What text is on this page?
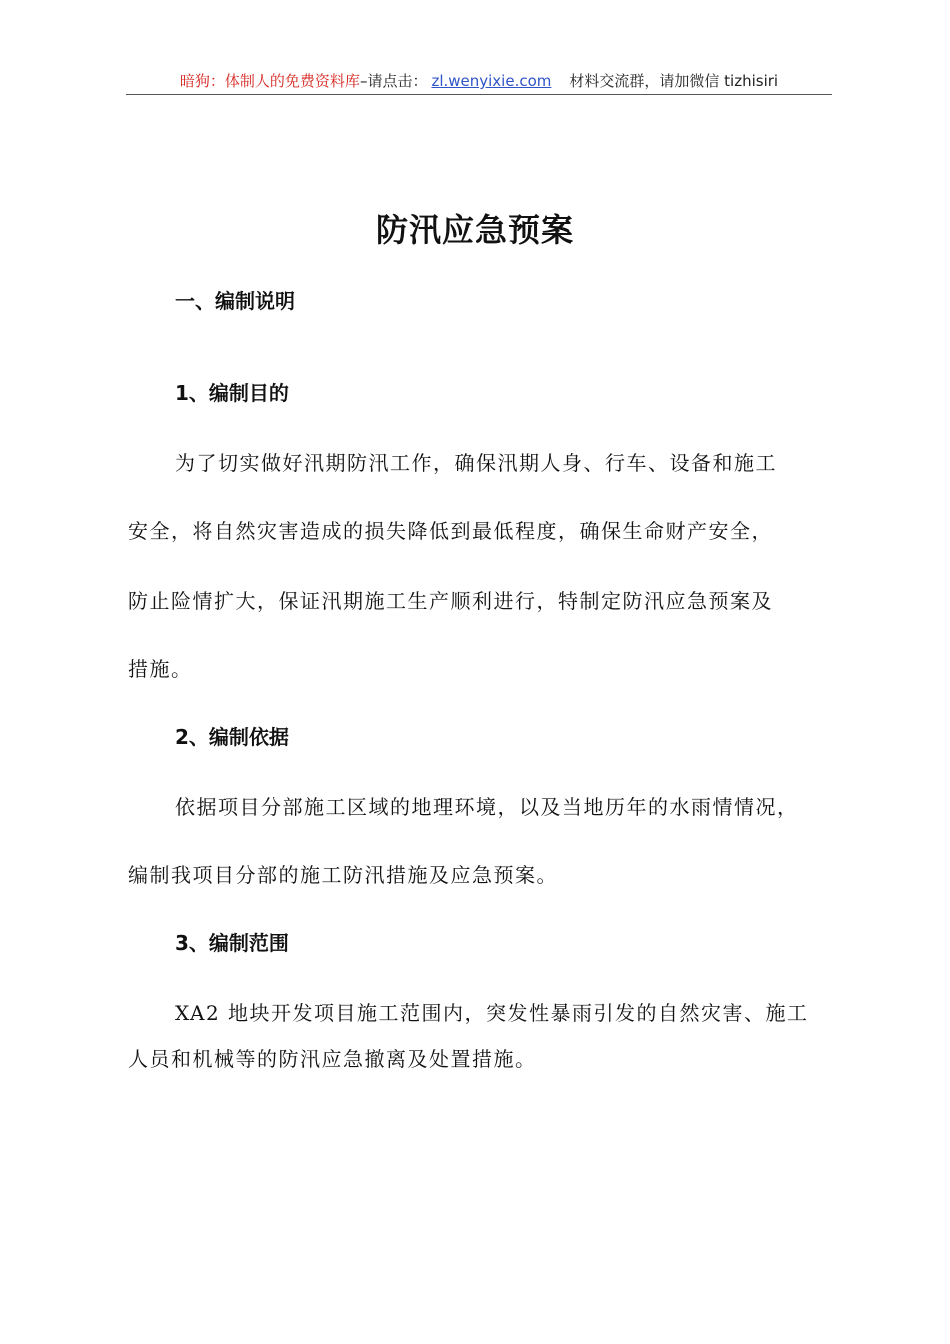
暗狗：体制人的免费资料库–请点击： zl.wenyixie.com 材料交流群，请加微信 tizhisiri
防汛应急预案
一、编制说明
1、编制目的
为了切实做好汛期防汛工作，确保汛期人身、行车、设备和施工
安全，将自然灾害造成的损失降低到最低程度，确保生命财产安全，
防止险情扩大，保证汛期施工生产顺利进行，特制定防汛应急预案及
措施。
2、编制依据
依据项目分部施工区域的地理环境，以及当地历年的水雨情情况，
编制我项目分部的施工防汛措施及应急预案。
3、编制范围
XA2 地块开发项目施工范围内，突发性暴雨引发的自然灾害、施工
人员和机械等的防汛应急撤离及处置措施。
